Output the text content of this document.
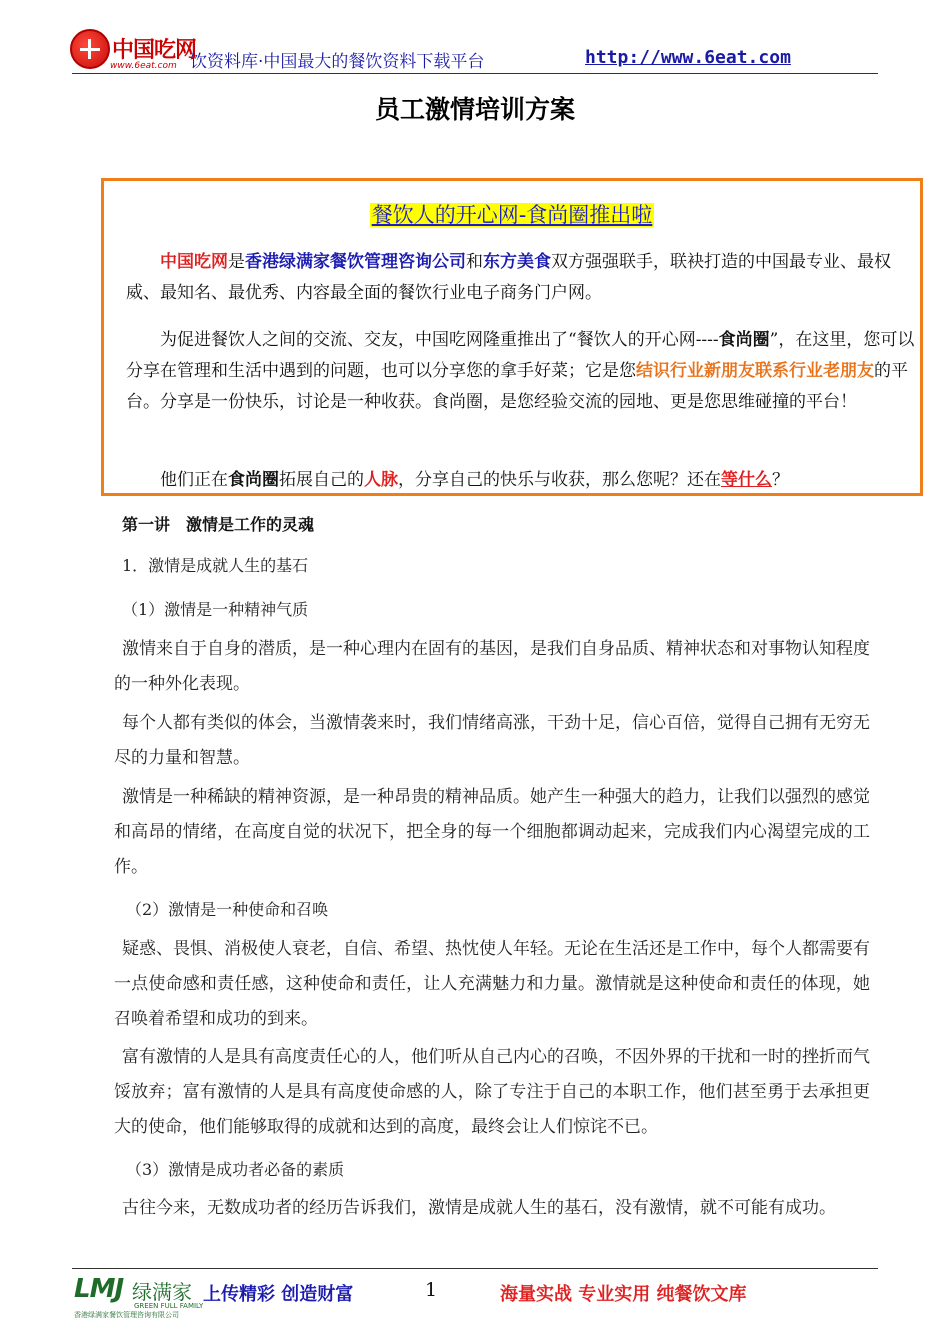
中国吃网
www.6eat.com 饮资料库·中国最大的餐饮资料下载平台	http://www.6eat.com
员工激情培训方案
餐饮人的开心网-食尚圈推出啦

中国吃网是香港绿满家餐饮管理咨询公司和东方美食双方强强联手，联袂打造的中国最专业、最权威、最知名、最优秀、内容最全面的餐饮行业电子商务门户网。

为促进餐饮人之间的交流、交友，中国吃网隆重推出了“餐饮人的开心网----食尚圈”，在这里，您可以分享在管理和生活中遇到的问题，也可以分享您的拿手好菜；它是您结识行业新朋友联系行业老朋友的平台。分享是一份快乐，讨论是一种收获。食尚圈，是您经验交流的园地、更是您思维碰撞的平台！

他们正在食尚圈拓展自己的人脉，分享自己的快乐与收获，那么您呢？还在等什么？

第一讲　激情是工作的灵魂
1．激情是成就人生的基石
（1）激情是一种精神气质

激情来自于自身的潜质，是一种心理内在固有的基因，是我们自身品质、精神状态和对事物认知程度的一种外化表现。

每个人都有类似的体会，当激情袭来时，我们情绪高涨，干劲十足，信心百倍，觉得自己拥有无穷无尽的力量和智慧。

激情是一种稀缺的精神资源，是一种昂贵的精神品质。她产生一种强大的趋力，让我们以强烈的感觉和高昂的情绪，在高度自觉的状况下，把全身的每一个细胞都调动起来，完成我们内心渴望完成的工作。

（2）激情是一种使命和召唤

疑惑、畏惧、消极使人衰老，自信、希望、热忱使人年轻。无论在生活还是工作中，每个人都需要有一点使命感和责任感，这种使命和责任，让人充满魅力和力量。激情就是这种使命和责任的体现，她召唤着希望和成功的到来。

富有激情的人是具有高度责任心的人，他们听从自己内心的召唤，不因外界的干扰和一时的挫折而气馁放弃；富有激情的人是具有高度使命感的人，除了专注于自己的本职工作，他们甚至勇于去承担更大的使命，他们能够取得的成就和达到的高度，最终会让人们惊诧不已。

（3）激情是成功者必备的素质

古往今来，无数成功者的经历告诉我们，激情是成就人生的基石，没有激情，就不可能有成功。

LMJ 绿满家
GREEN FULL FAMILY
香港绿满家餐饮管理咨询有限公司
上传精彩 创造财富	1	海量实战 专业实用 纯餐饮文库
